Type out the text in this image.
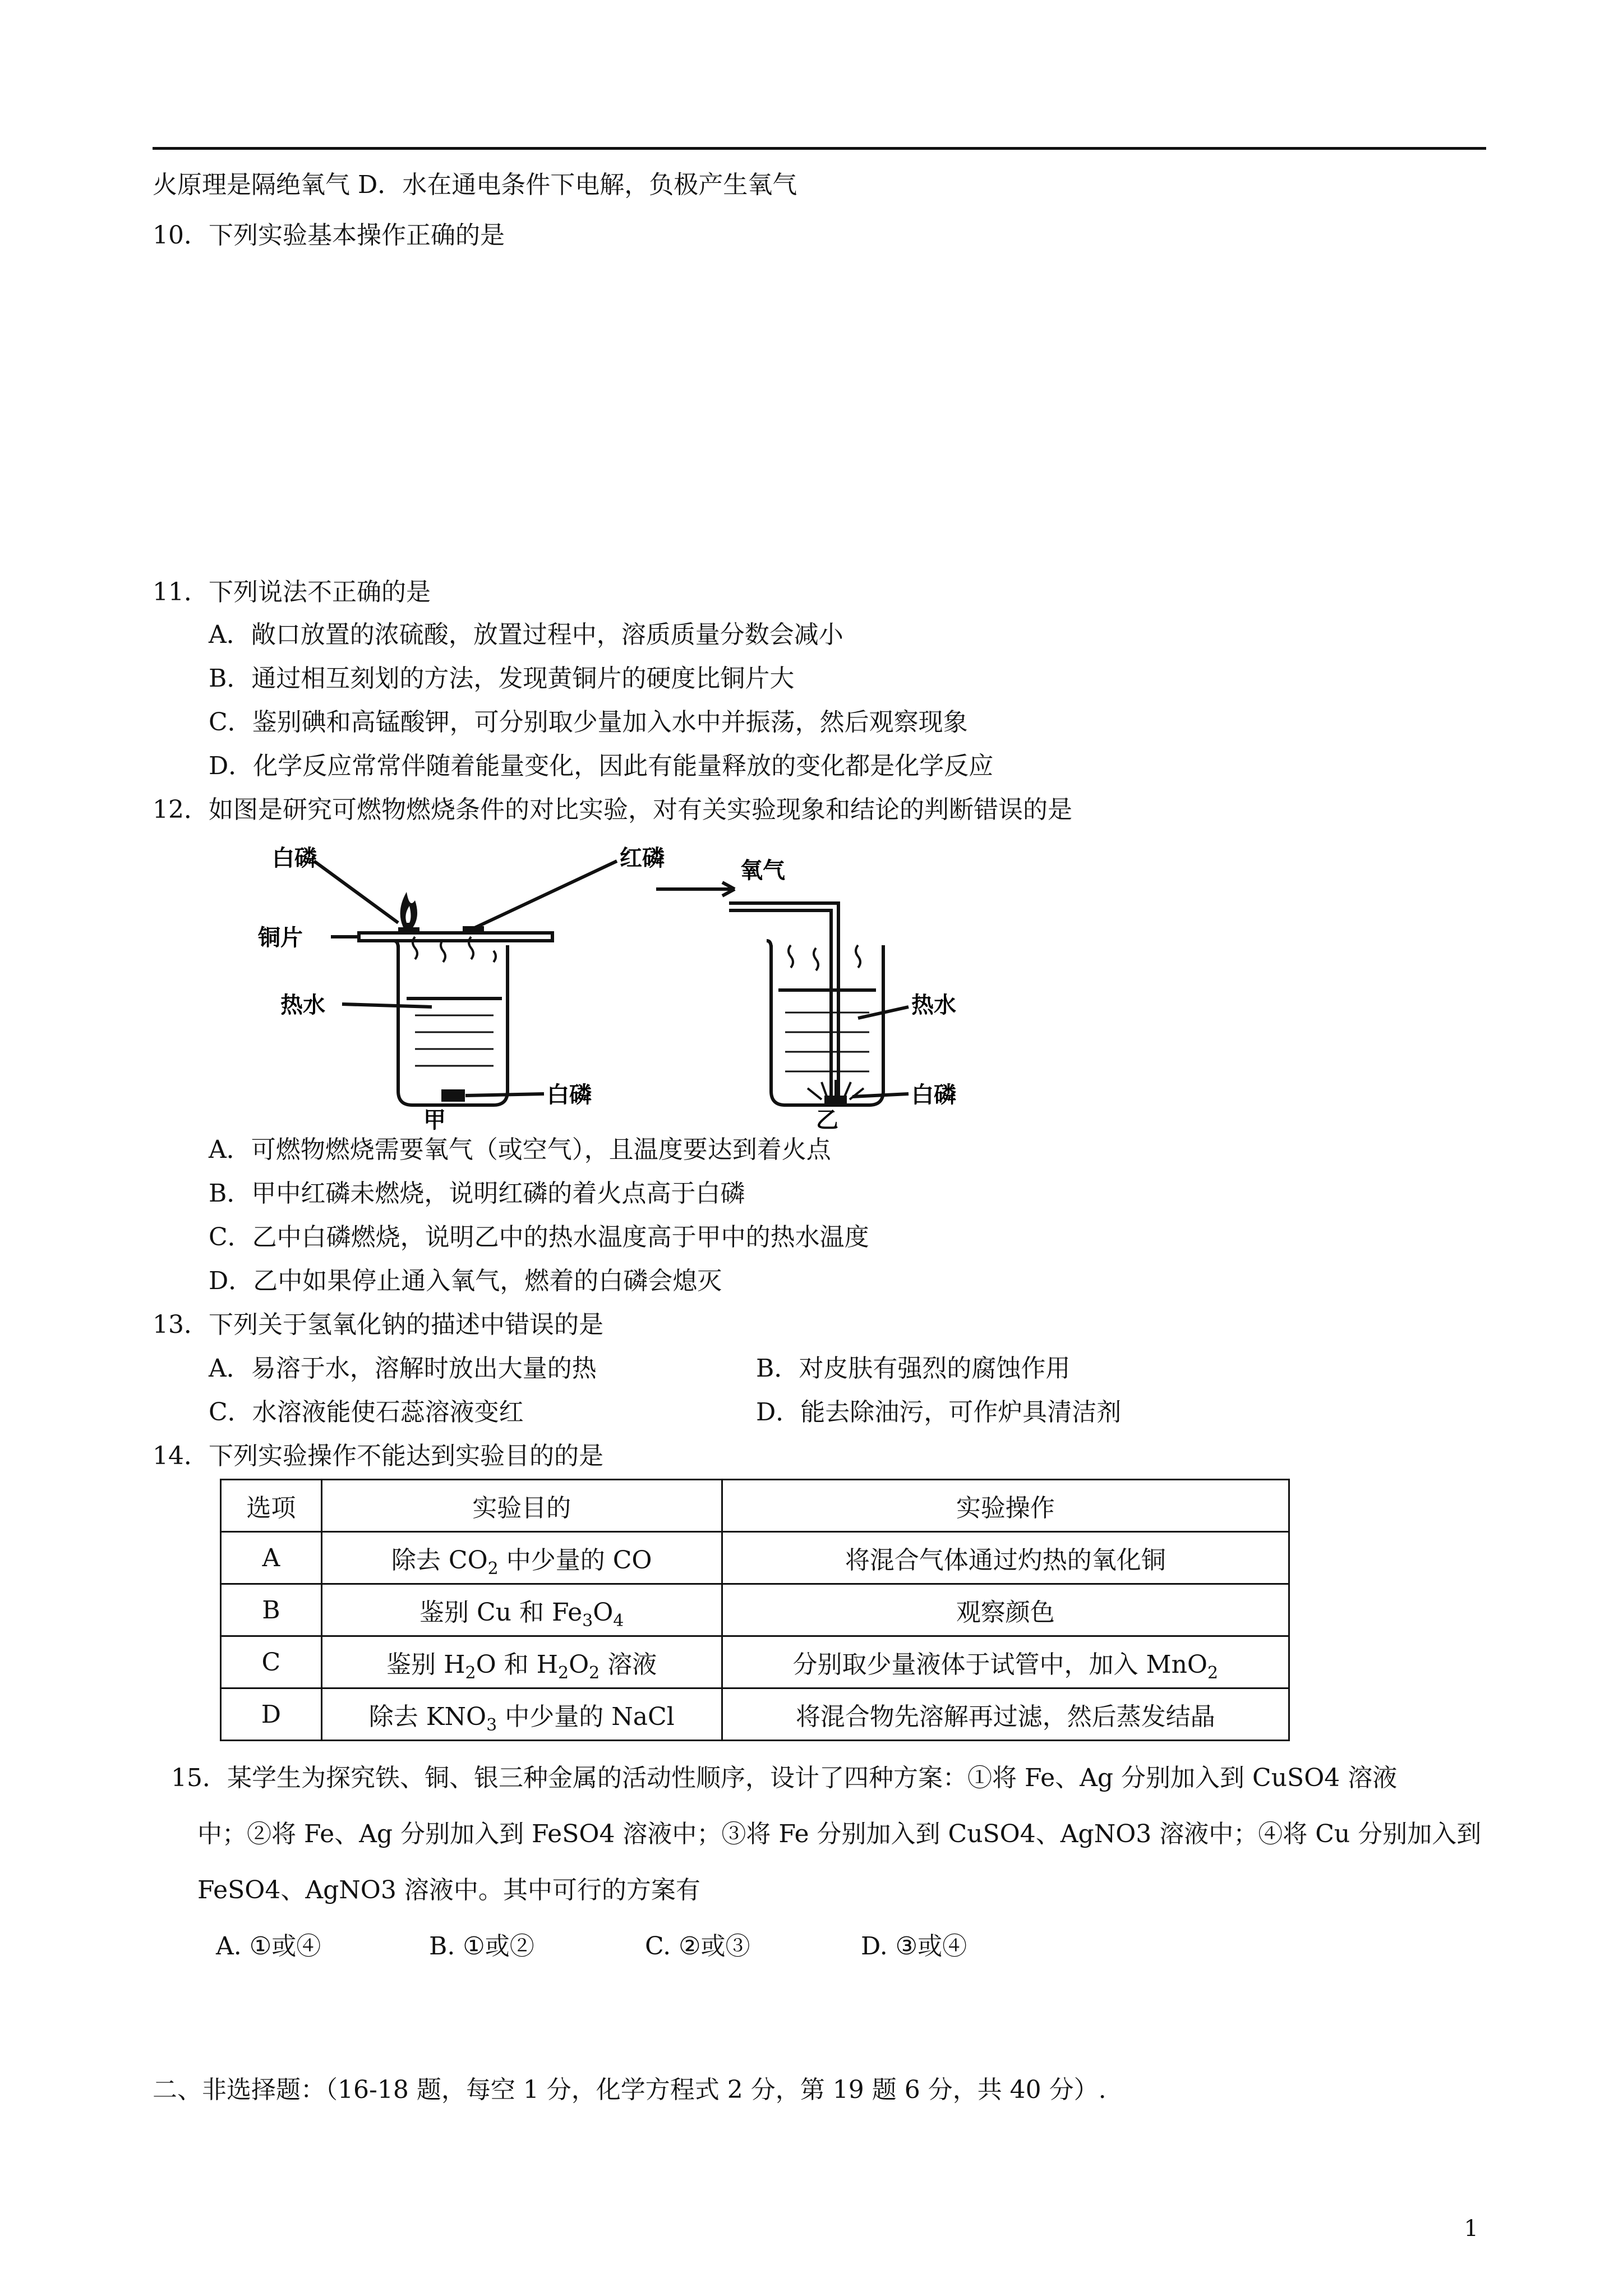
火原理是隔绝氧气 D．水在通电条件下电解，负极产生氧气
10．下列实验基本操作正确的是
11．下列说法不正确的是
A．敞口放置的浓硫酸，放置过程中，溶质质量分数会减小
B．通过相互刻划的方法，发现黄铜片的硬度比铜片大
C．鉴别碘和高锰酸钾，可分别取少量加入水中并振荡，然后观察现象
D．化学反应常常伴随着能量变化，因此有能量释放的变化都是化学反应
12．如图是研究可燃物燃烧条件的对比实验，对有关实验现象和结论的判断错误的是
白磷	红磷
铜片
热水
白磷
甲
氧气
热水
白磷
乙
A．可燃物燃烧需要氧气（或空气），且温度要达到着火点
B．甲中红磷未燃烧，说明红磷的着火点高于白磷
C．乙中白磷燃烧，说明乙中的热水温度高于甲中的热水温度
D．乙中如果停止通入氧气，燃着的白磷会熄灭
13．下列关于氢氧化钠的描述中错误的是
A．易溶于水，溶解时放出大量的热	B．对皮肤有强烈的腐蚀作用
C．水溶液能使石蕊溶液变红	D．能去除油污，可作炉具清洁剂
14．下列实验操作不能达到实验目的的是
选项	实验目的	实验操作
A	除去 $CO_2$ 中少量的 CO	将混合气体通过灼热的氧化铜
B	鉴别 Cu 和 $Fe_3O_4$	观察颜色
C	鉴别 $H_2O$ 和 $H_2O_2$ 溶液	分别取少量液体于试管中，加入 MnO$_2$
D	除去 $KNO_3$ 中少量的 NaCl	将混合物先溶解再过滤，然后蒸发结晶
15．某学生为探究铁、铜、银三种金属的活动性顺序，设计了四种方案：①将 Fe、Ag 分别加入到 CuSO4 溶液
中；②将 Fe、Ag 分别加入到 FeSO4 溶液中；③将 Fe 分别加入到 CuSO4、AgNO3 溶液中；④将 Cu 分别加入到
FeSO4、AgNO3 溶液中。其中可行的方案有
A. ①或④	B. ①或②	C. ②或③	D. ③或④
二、非选择题：（16-18 题，每空 1 分，化学方程式 2 分，第 19 题 6 分，共 40 分）.
1
